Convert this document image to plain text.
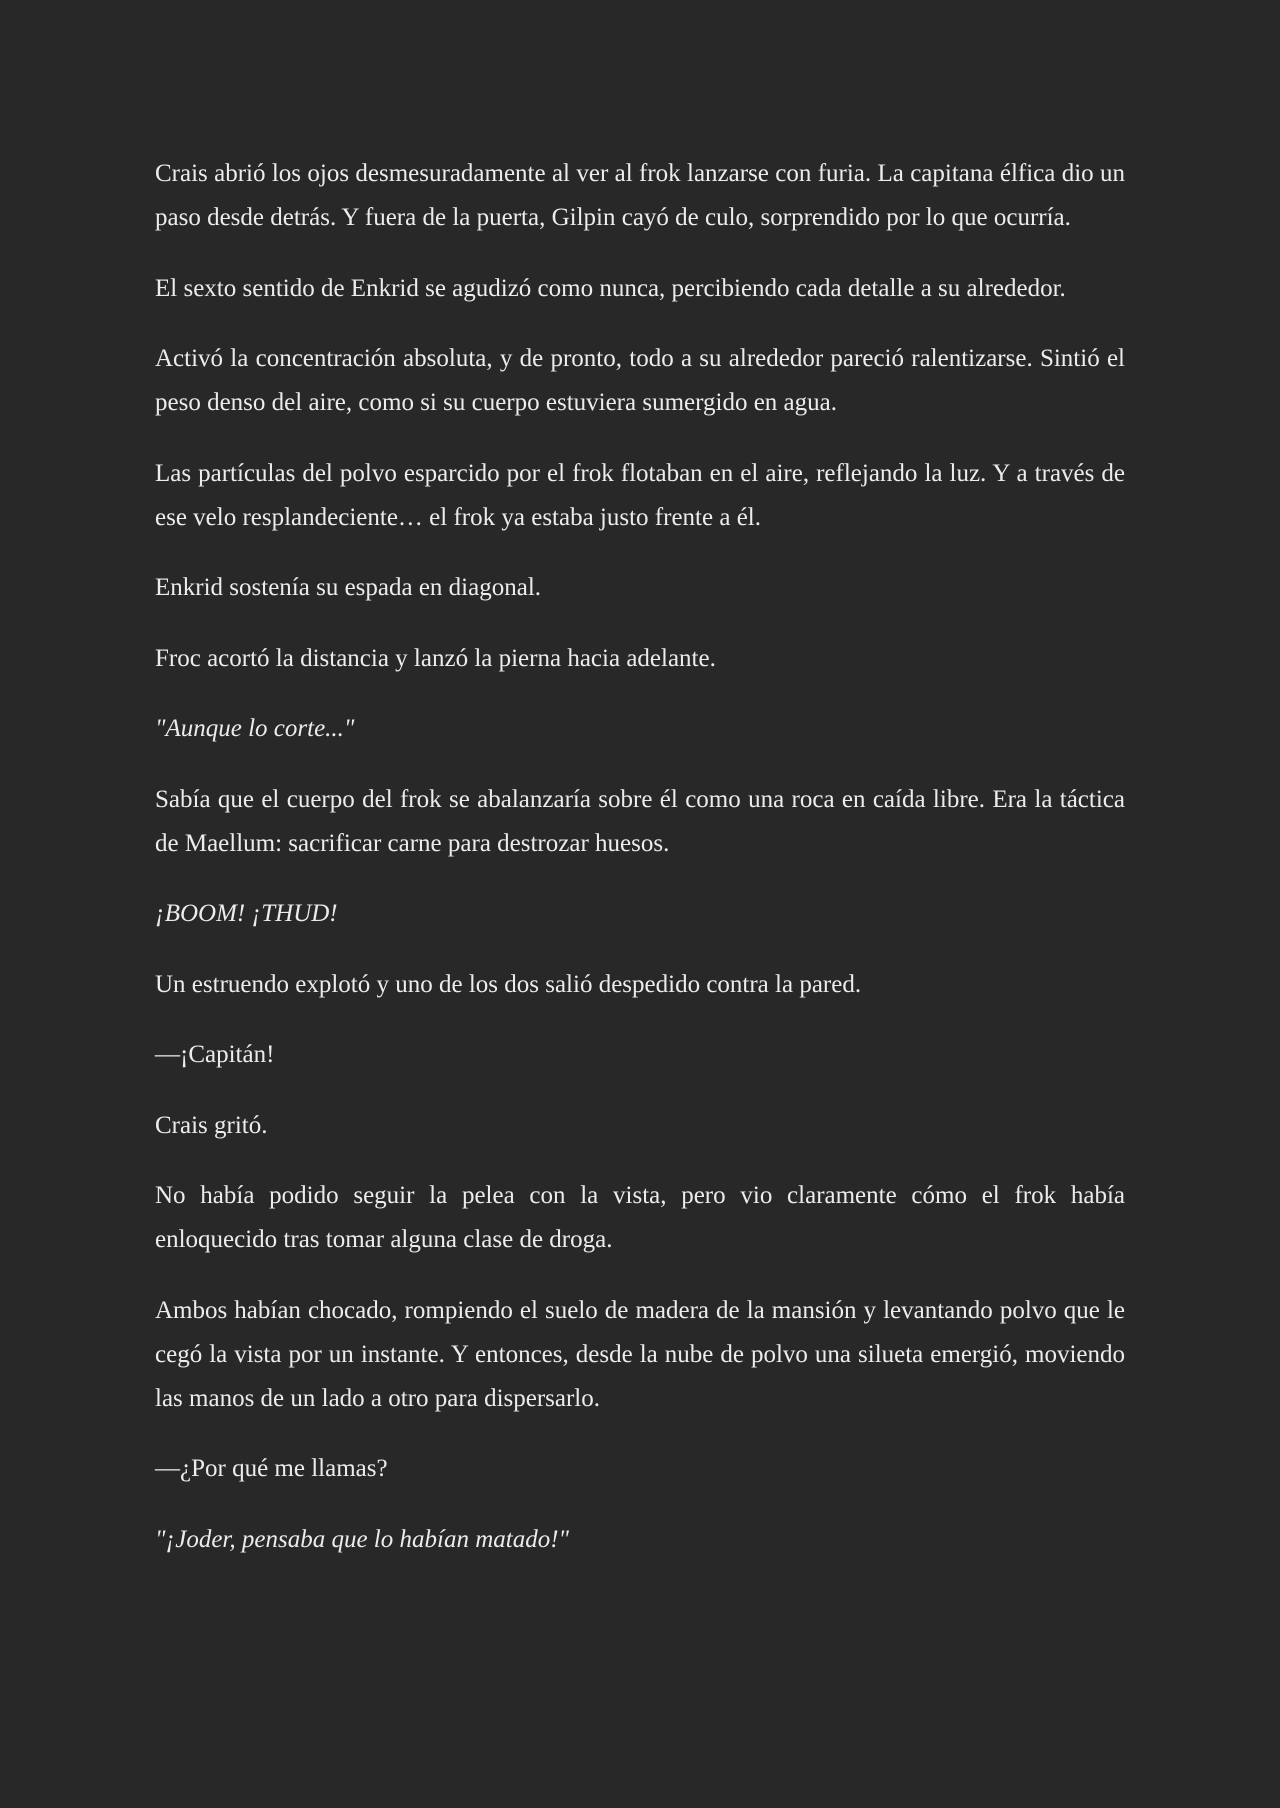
Crais abrió los ojos desmesuradamente al ver al frok lanzarse con furia. La capitana élfica dio un paso desde detrás. Y fuera de la puerta, Gilpin cayó de culo, sorprendido por lo que ocurría.

El sexto sentido de Enkrid se agudizó como nunca, percibiendo cada detalle a su alrededor.

Activó la concentración absoluta, y de pronto, todo a su alrededor pareció ralentizarse. Sintió el peso denso del aire, como si su cuerpo estuviera sumergido en agua.

Las partículas del polvo esparcido por el frok flotaban en el aire, reflejando la luz. Y a través de ese velo resplandeciente… el frok ya estaba justo frente a él.

Enkrid sostenía su espada en diagonal.

Froc acortó la distancia y lanzó la pierna hacia adelante.

"Aunque lo corte..."

Sabía que el cuerpo del frok se abalanzaría sobre él como una roca en caída libre. Era la táctica de Maellum: sacrificar carne para destrozar huesos.

¡BOOM! ¡THUD!

Un estruendo explotó y uno de los dos salió despedido contra la pared.

—¡Capitán!

Crais gritó.

No había podido seguir la pelea con la vista, pero vio claramente cómo el frok había enloquecido tras tomar alguna clase de droga.

Ambos habían chocado, rompiendo el suelo de madera de la mansión y levantando polvo que le cegó la vista por un instante. Y entonces, desde la nube de polvo una silueta emergió, moviendo las manos de un lado a otro para dispersarlo.

—¿Por qué me llamas?

"¡Joder, pensaba que lo habían matado!"
